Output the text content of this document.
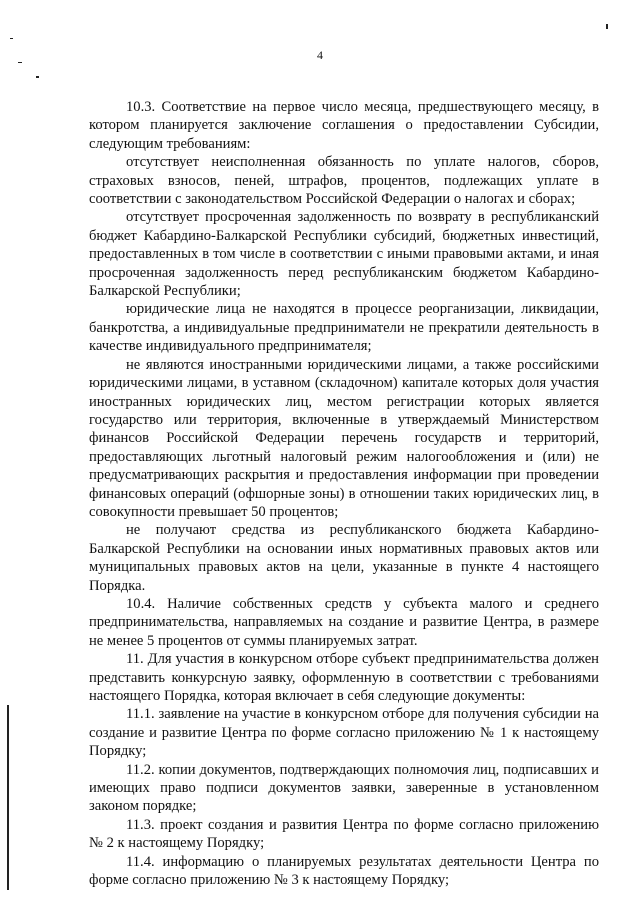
4

10.3. Соответствие на первое число месяца, предшествующего месяцу, в котором планируется заключение соглашения о предоставлении Субсидии, следующим требованиям:

отсутствует неисполненная обязанность по уплате налогов, сборов, страховых взносов, пеней, штрафов, процентов, подлежащих уплате в соответствии с законодательством Российской Федерации о налогах и сборах;

отсутствует просроченная задолженность по возврату в республиканский бюджет Кабардино-Балкарской Республики субсидий, бюджетных инвестиций, предоставленных в том числе в соответствии с иными правовыми актами, и иная просроченная задолженность перед республиканским бюджетом Кабардино-Балкарской Республики;

юридические лица не находятся в процессе реорганизации, ликвидации, банкротства, а индивидуальные предприниматели не прекратили деятельность в качестве индивидуального предпринимателя;

не являются иностранными юридическими лицами, а также российскими юридическими лицами, в уставном (складочном) капитале которых доля участия иностранных юридических лиц, местом регистрации которых является государство или территория, включенные в утверждаемый Министерством финансов Российской Федерации перечень государств и территорий, предоставляющих льготный налоговый режим налогообложения и (или) не предусматривающих раскрытия и предоставления информации при проведении финансовых операций (офшорные зоны) в отношении таких юридических лиц, в совокупности превышает 50 процентов;

не получают средства из республиканского бюджета Кабардино-Балкарской Республики на основании иных нормативных правовых актов или муниципальных правовых актов на цели, указанные в пункте 4 настоящего Порядка.

10.4. Наличие собственных средств у субъекта малого и среднего предпринимательства, направляемых на создание и развитие Центра, в размере не менее 5 процентов от суммы планируемых затрат.

11. Для участия в конкурсном отборе субъект предпринимательства должен представить конкурсную заявку, оформленную в соответствии с требованиями настоящего Порядка, которая включает в себя следующие документы:

11.1. заявление на участие в конкурсном отборе для получения субсидии на создание и развитие Центра по форме согласно приложению № 1 к настоящему Порядку;

11.2. копии документов, подтверждающих полномочия лиц, подписавших и имеющих право подписи документов заявки, заверенные в установленном законом порядке;

11.3. проект создания и развития Центра по форме согласно приложению № 2 к настоящему Порядку;

11.4. информацию о планируемых результатах деятельности Центра по форме согласно приложению № 3 к настоящему Порядку;
